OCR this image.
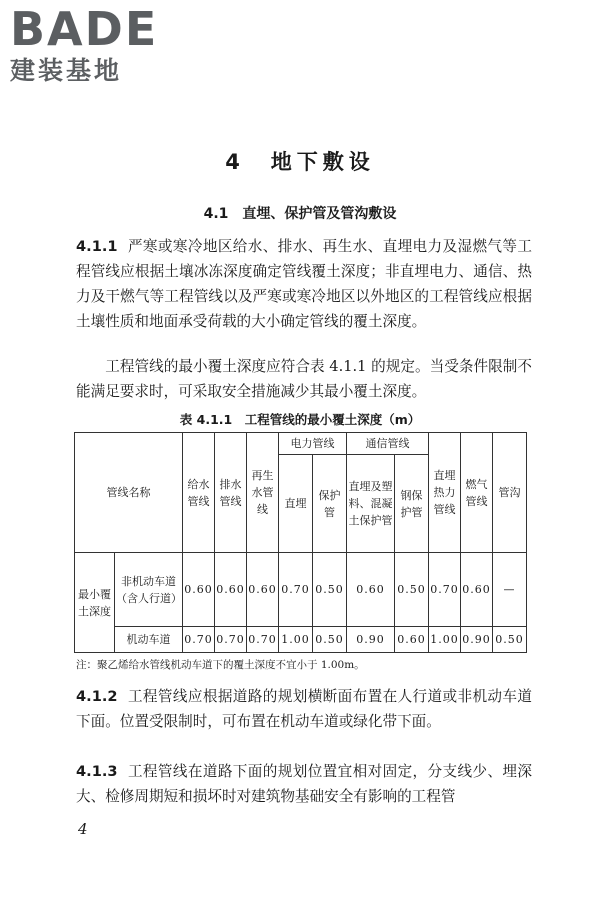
BADE
建装基地
4　地下敷设
4.1　直埋、保护管及管沟敷设

4.1.1 严寒或寒冷地区给水、排水、再生水、直埋电力及湿燃气等工程管线应根据土壤冰冻深度确定管线覆土深度；非直埋电力、通信、热力及干燃气等工程管线以及严寒或寒冷地区以外地区的工程管线应根据土壤性质和地面承受荷载的大小确定管线的覆土深度。

工程管线的最小覆土深度应符合表 4.1.1 的规定。当受条件限制不能满足要求时，可采取安全措施减少其最小覆土深度。

表 4.1.1　工程管线的最小覆土深度（m）
管线名称		给水管线	排水管线	再生水管线	电力管线		通信管线		直埋热力管线	燃气管线	管沟
					直埋	保护管	直埋及塑料、混凝土保护管	钢保护管			
最小覆土深度	非机动车道（含人行道）	0.60	0.60	0.60	0.70	0.50	0.60	0.50	0.70	0.60	—
	机动车道	0.70	0.70	0.70	1.00	0.50	0.90	0.60	1.00	0.90	0.50
注：聚乙烯给水管线机动车道下的覆土深度不宜小于 1.00m。

4.1.2 工程管线应根据道路的规划横断面布置在人行道或非机动车道下面。位置受限制时，可布置在机动车道或绿化带下面。

4.1.3 工程管线在道路下面的规划位置宜相对固定，分支线少、埋深大、检修周期短和损坏时对建筑物基础安全有影响的工程管

4
